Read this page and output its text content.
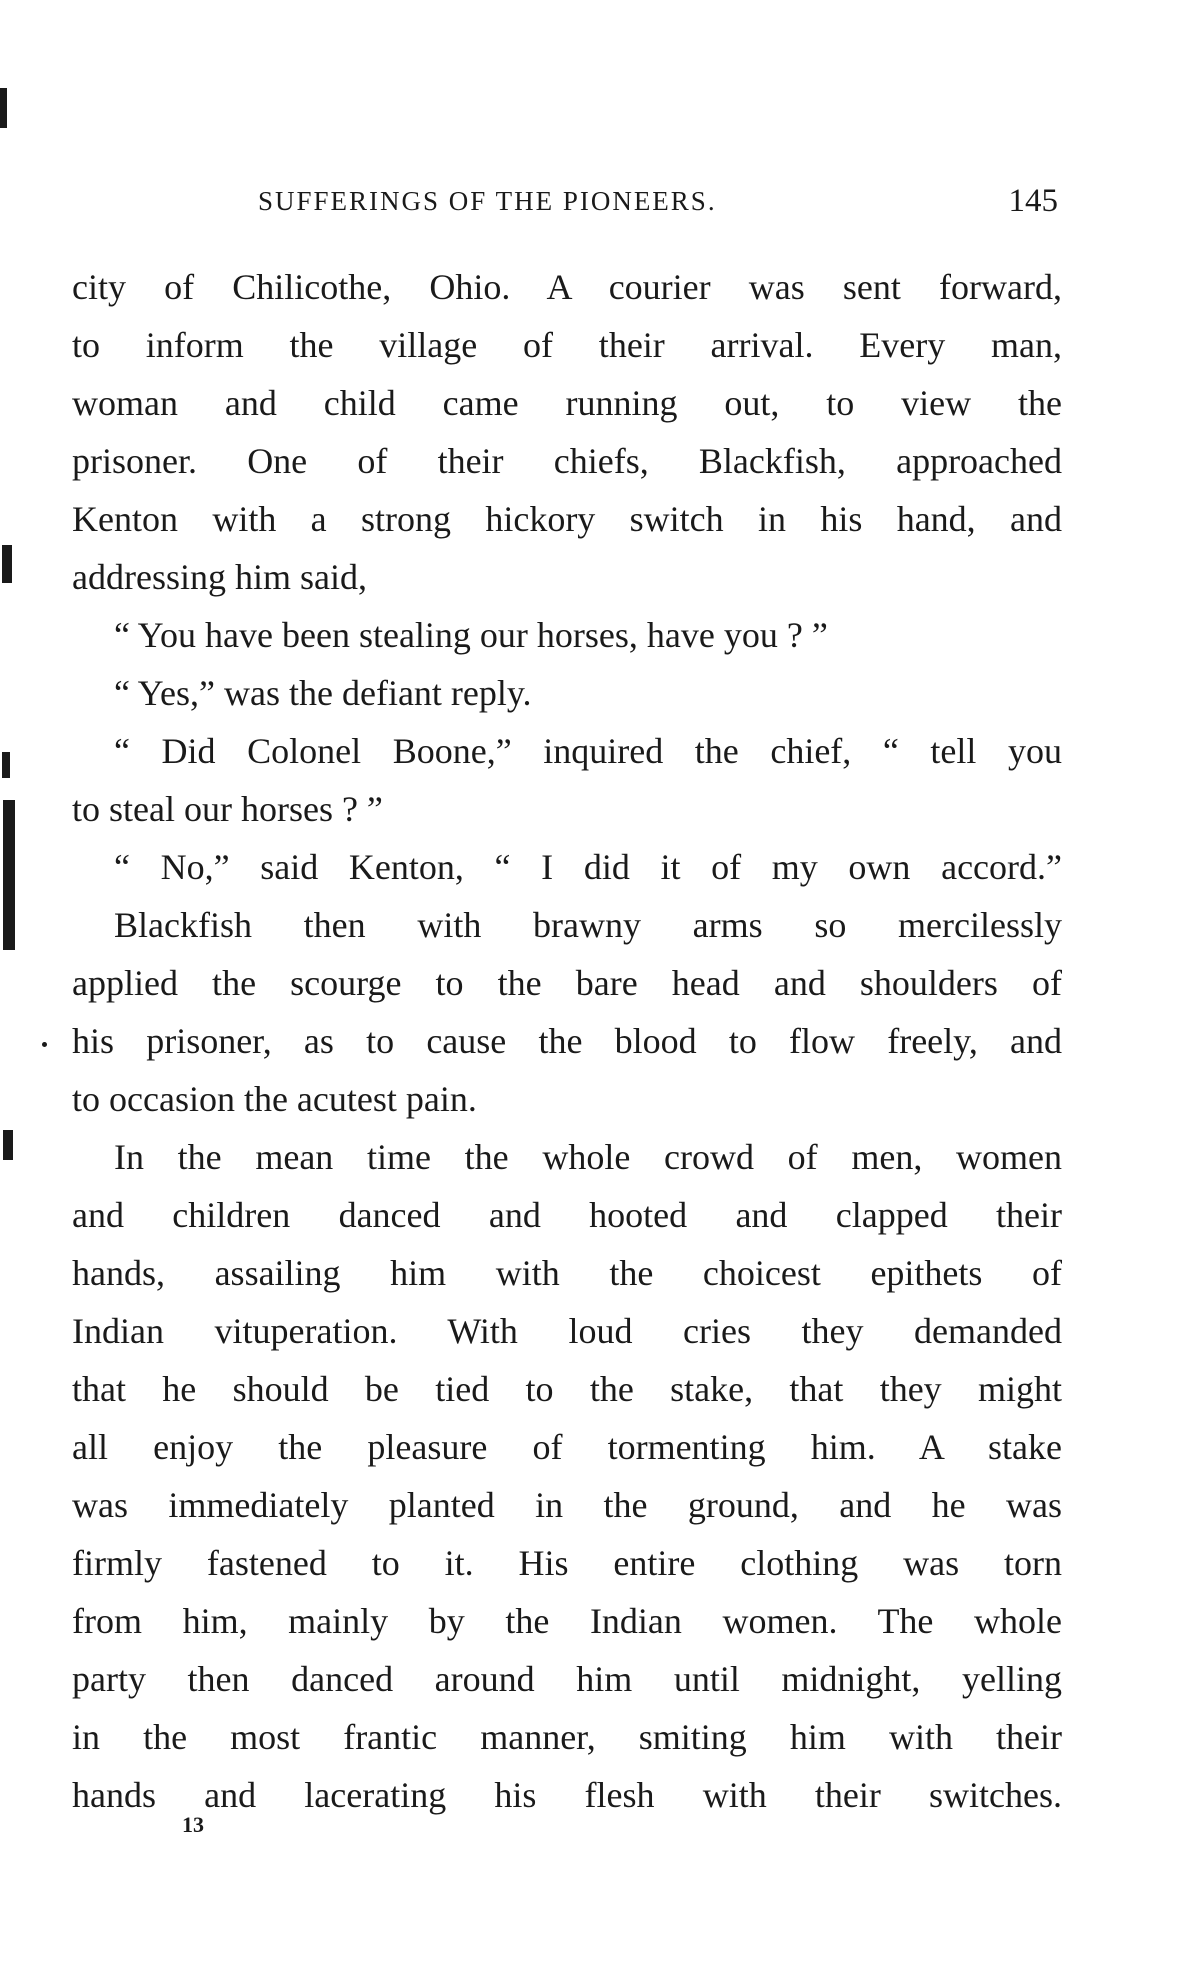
SUFFERINGS OF THE PIONEERS.	145
city of Chilicothe, Ohio. A courier was sent forward,
to inform the village of their arrival. Every man,
woman and child came running out, to view the
prisoner. One of their chiefs, Blackfish, approached
Kenton with a strong hickory switch in his hand, and
addressing him said,
“ You have been stealing our horses, have you ? ”
“ Yes,” was the defiant reply.
“ Did Colonel Boone,” inquired the chief, “ tell you
to steal our horses ? ”
“ No,” said Kenton, “ I did it of my own accord.”
Blackfish then with brawny arms so mercilessly
applied the scourge to the bare head and shoulders of
his prisoner, as to cause the blood to flow freely, and
to occasion the acutest pain.
In the mean time the whole crowd of men, women
and children danced and hooted and clapped their
hands, assailing him with the choicest epithets of
Indian vituperation. With loud cries they demanded
that he should be tied to the stake, that they might
all enjoy the pleasure of tormenting him. A stake
was immediately planted in the ground, and he was
firmly fastened to it. His entire clothing was torn
from him, mainly by the Indian women. The whole
party then danced around him until midnight, yelling
in the most frantic manner, smiting him with their
hands and lacerating his flesh with their switches.
13
